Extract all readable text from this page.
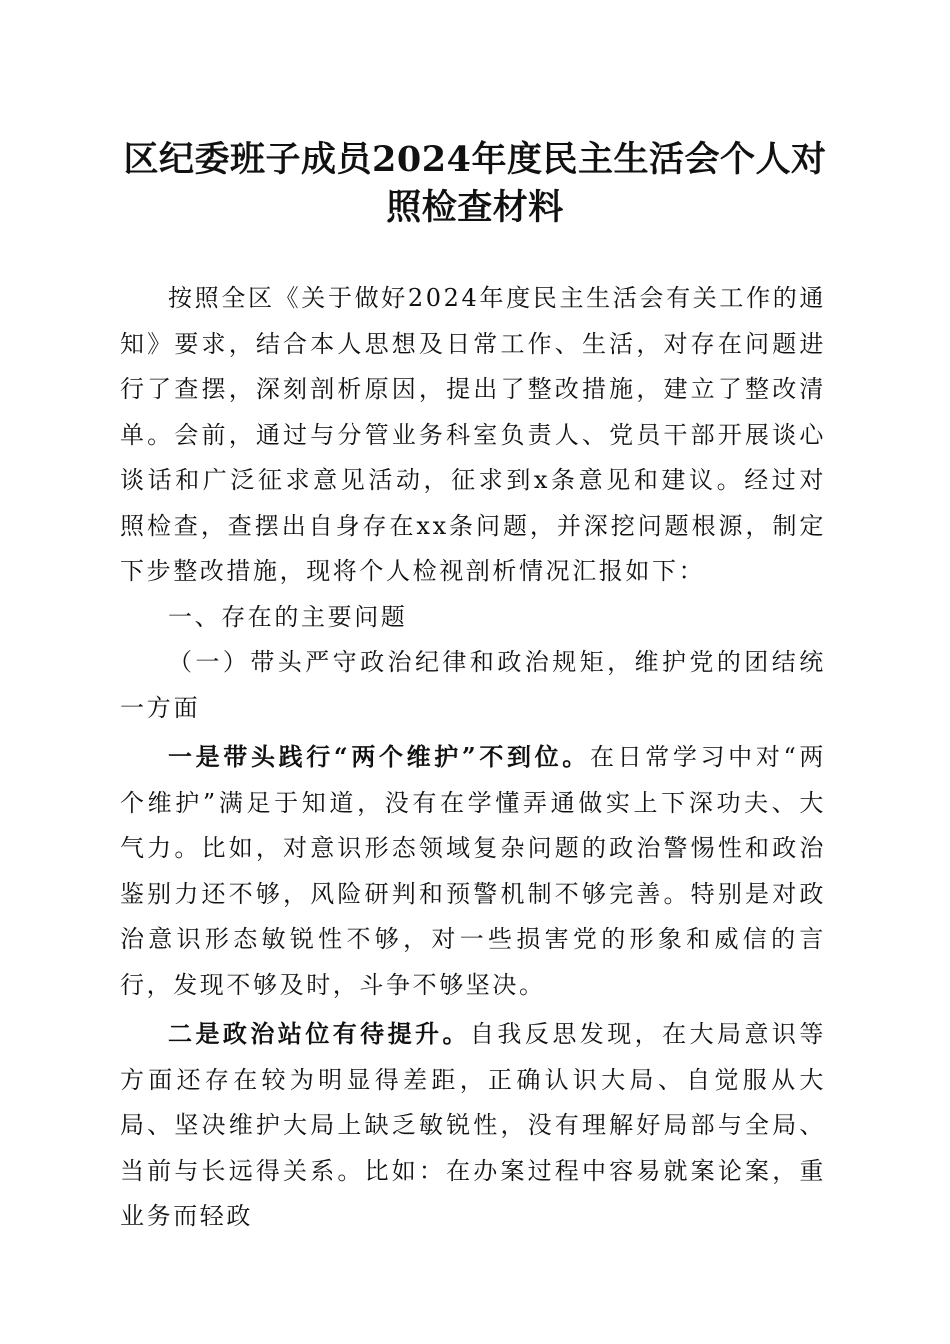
区纪委班子成员2024年度民主生活会个人对照检查材料

按照全区《关于做好2024年度民主生活会有关工作的通知》要求，结合本人思想及日常工作、生活，对存在问题进行了查摆，深刻剖析原因，提出了整改措施，建立了整改清单。会前，通过与分管业务科室负责人、党员干部开展谈心谈话和广泛征求意见活动，征求到x条意见和建议。经过对照检查，查摆出自身存在xx条问题，并深挖问题根源，制定下步整改措施，现将个人检视剖析情况汇报如下：

一、存在的主要问题

（一）带头严守政治纪律和政治规矩，维护党的团结统一方面

一是带头践行“两个维护”不到位。在日常学习中对“两个维护”满足于知道，没有在学懂弄通做实上下深功夫、大气力。比如，对意识形态领域复杂问题的政治警惕性和政治鉴别力还不够，风险研判和预警机制不够完善。特别是对政治意识形态敏锐性不够，对一些损害党的形象和威信的言行，发现不够及时，斗争不够坚决。

二是政治站位有待提升。自我反思发现，在大局意识等方面还存在较为明显得差距，正确认识大局、自觉服从大局、坚决维护大局上缺乏敏锐性，没有理解好局部与全局、当前与长远得关系。比如：在办案过程中容易就案论案，重业务而轻政
